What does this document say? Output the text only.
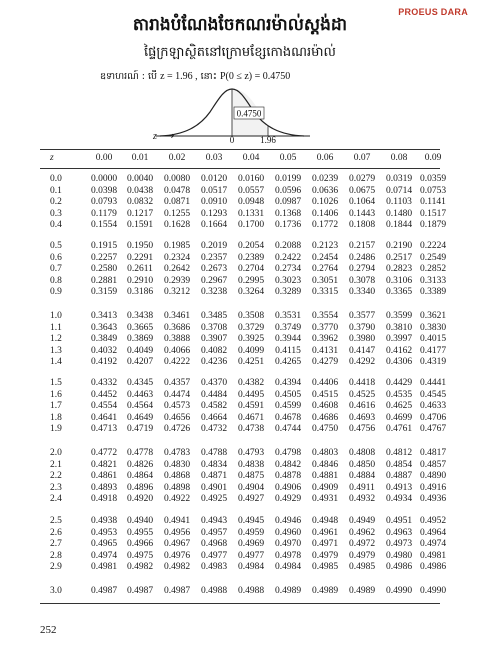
PROEUS DARA
តារាងបំណែងចែកណរម៉ាល់ស្តង់ដា
ផ្ទៃក្រឡាស្ថិតនៅក្រោមខ្សែកោងណរម៉ាល់
ឧទាហរណ៍ : បើ z = 1.96 , នោះ P(0 ≤ z) = 0.4750
0.4750
0	1.96
z ⟶
z	0.00	0.01	0.02	0.03	0.04	0.05	0.06	0.07	0.08	0.09
0.0	0.0000	0.0040	0.0080	0.0120	0.0160	0.0199	0.0239	0.0279	0.0319 0.0359
0.1	0.0398	0.0438	0.0478	0.0517	0.0557	0.0596	0.0636	0.0675	0.0714 0.0753
0.2	0.0793	0.0832	0.0871	0.0910	0.0948	0.0987	0.1026	0.1064	0.1103 0.1141
0.3	0.1179	0.1217	0.1255	0.1293	0.1331	0.1368	0.1406	0.1443	0.1480 0.1517
0.4	0.1554	0.1591	0.1628	0.1664	0.1700	0.1736	0.1772	0.1808	0.1844 0.1879
0.5	0.1915	0.1950	0.1985	0.2019	0.2054	0.2088	0.2123	0.2157	0.2190 0.2224
0.6	0.2257	0.2291	0.2324	0.2357	0.2389	0.2422	0.2454	0.2486	0.2517 0.2549
0.7	0.2580	0.2611	0.2642	0.2673	0.2704	0.2734	0.2764	0.2794	0.2823 0.2852
0.8	0.2881	0.2910	0.2939	0.2967	0.2995	0.3023	0.3051	0.3078	0.3106 0.3133
0.9	0.3159	0.3186	0.3212	0.3238	0.3264	0.3289	0.3315	0.3340	0.3365 0.3389
1.0	0.3413	0.3438	0.3461	0.3485	0.3508	0.3531	0.3554	0.3577	0.3599 0.3621
1.1	0.3643	0.3665	0.3686	0.3708	0.3729	0.3749	0.3770	0.3790	0.3810 0.3830
1.2	0.3849	0.3869	0.3888	0.3907	0.3925	0.3944	0.3962	0.3980	0.3997 0.4015
1.3	0.4032	0.4049	0.4066	0.4082	0.4099	0.4115	0.4131	0.4147	0.4162 0.4177
1.4	0.4192	0.4207	0.4222	0.4236	0.4251	0.4265	0.4279	0.4292	0.4306 0.4319
1.5	0.4332	0.4345	0.4357	0.4370	0.4382	0.4394	0.4406	0.4418	0.4429 0.4441
1.6	0.4452	0.4463	0.4474	0.4484	0.4495	0.4505	0.4515	0.4525	0.4535 0.4545
1.7	0.4554	0.4564	0.4573	0.4582	0.4591	0.4599	0.4608	0.4616	0.4625 0.4633
1.8	0.4641	0.4649	0.4656	0.4664	0.4671	0.4678	0.4686	0.4693	0.4699 0.4706
1.9	0.4713	0.4719	0.4726	0.4732	0.4738	0.4744	0.4750	0.4756	0.4761 0.4767
2.0	0.4772	0.4778	0.4783	0.4788	0.4793	0.4798	0.4803	0.4808	0.4812 0.4817
2.1	0.4821	0.4826	0.4830	0.4834	0.4838	0.4842	0.4846	0.4850	0.4854 0.4857
2.2	0.4861	0.4864	0.4868	0.4871	0.4875	0.4878	0.4881	0.4884	0.4887 0.4890
2.3	0.4893	0.4896	0.4898	0.4901	0.4904	0.4906	0.4909	0.4911	0.4913 0.4916
2.4	0.4918	0.4920	0.4922	0.4925	0.4927	0.4929	0.4931	0.4932	0.4934 0.4936
2.5	0.4938	0.4940	0.4941	0.4943	0.4945	0.4946	0.4948	0.4949	0.4951 0.4952
2.6	0.4953	0.4955	0.4956	0.4957	0.4959	0.4960	0.4961	0.4962	0.4963 0.4964
2.7	0.4965	0.4966	0.4967	0.4968	0.4969	0.4970	0.4971	0.4972	0.4973 0.4974
2.8	0.4974	0.4975	0.4976	0.4977	0.4977	0.4978	0.4979	0.4979	0.4980 0.4981
2.9	0.4981	0.4982	0.4982	0.4983	0.4984	0.4984	0.4985	0.4985	0.4986 0.4986
3.0	0.4987	0.4987	0.4987	0.4988	0.4988	0.4989	0.4989	0.4989	0.4990 0.4990
252
